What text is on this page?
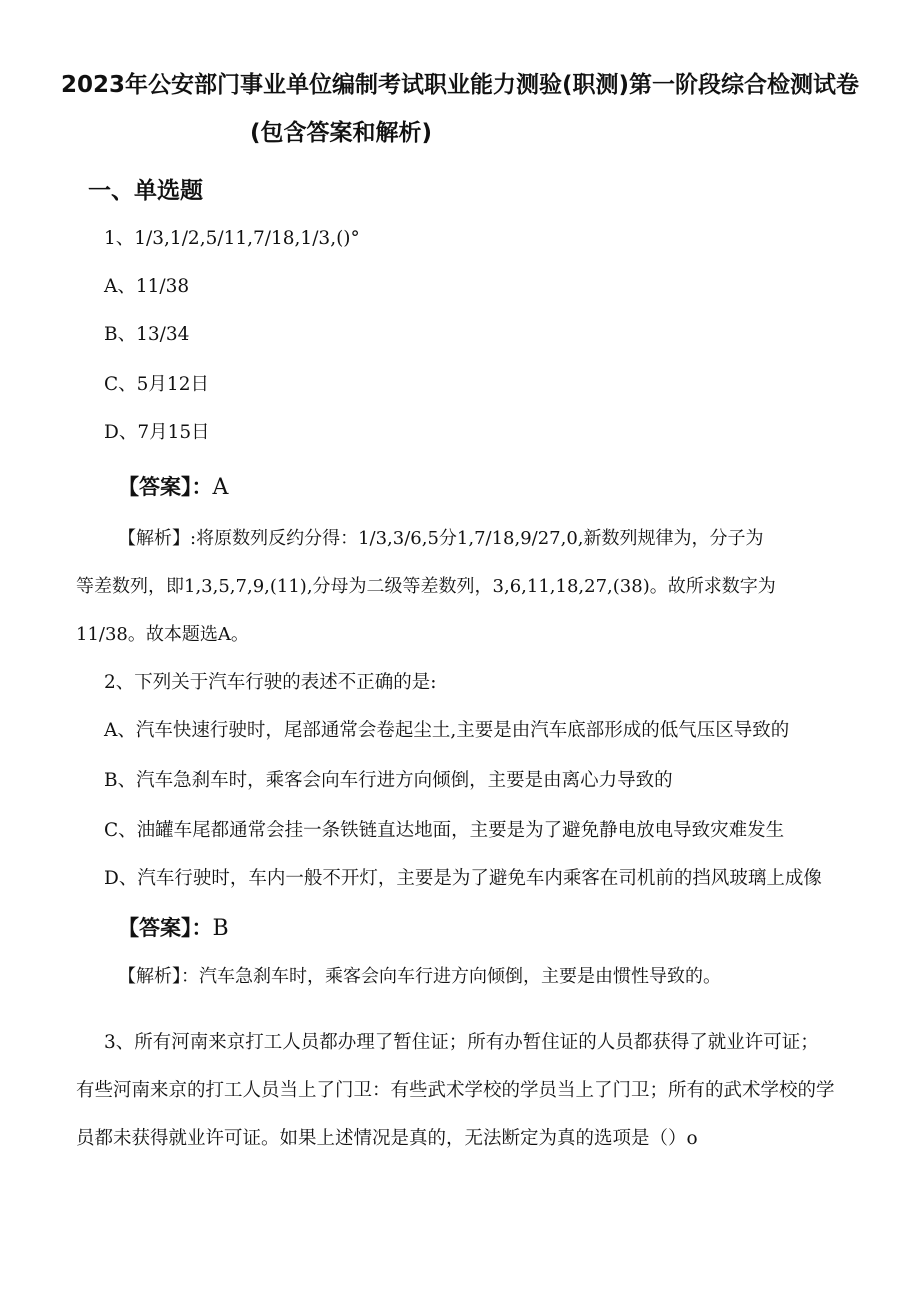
2023年公安部门事业单位编制考试职业能力测验(职测)第一阶段综合检测试卷
(包含答案和解析)
一、单选题
1、1/3,1/2,5/11,7/18,1/3,()°
A、11/38
B、13/34
C、5月12日
D、7月15日
【答案】：A
【解析】:将原数列反约分得：1/3,3/6,5分1,7/18,9/27,0,新数列规律为，分子为
等差数列，即1,3,5,7,9,(11),分母为二级等差数列，3,6,11,18,27,(38)。故所求数字为
11/38。故本题选A。
2、下列关于汽车行驶的表述不正确的是:
A、汽车快速行驶时，尾部通常会卷起尘土,主要是由汽车底部形成的低气压区导致的
B、汽车急刹车时，乘客会向车行进方向倾倒，主要是由离心力导致的
C、油罐车尾都通常会挂一条铁链直达地面，主要是为了避免静电放电导致灾难发生
D、汽车行驶时，车内一般不开灯，主要是为了避免车内乘客在司机前的挡风玻璃上成像
【答案】：B
【解析】：汽车急刹车时，乘客会向车行进方向倾倒，主要是由惯性导致的。
3、所有河南来京打工人员都办理了暂住证；所有办暂住证的人员都获得了就业许可证；
有些河南来京的打工人员当上了门卫：有些武术学校的学员当上了门卫；所有的武术学校的学
员都未获得就业许可证。如果上述情况是真的，无法断定为真的选项是（）o
